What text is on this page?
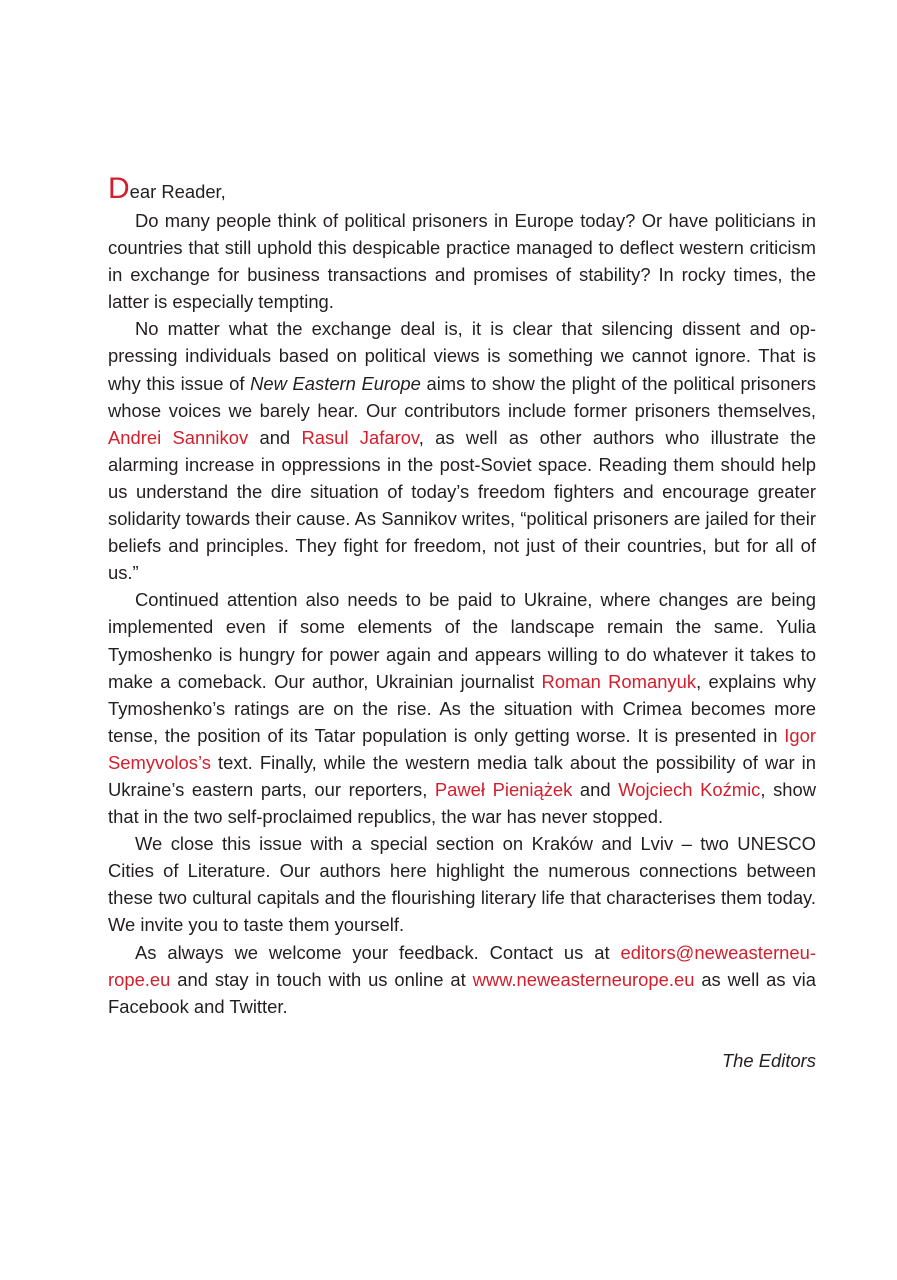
Dear Reader,

Do many people think of political prisoners in Europe today? Or have politicians in countries that still uphold this despicable practice managed to deflect western criticism in exchange for business transactions and promises of stability? In rocky times, the latter is especially tempting.

No matter what the exchange deal is, it is clear that silencing dissent and oppressing individuals based on political views is something we cannot ignore. That is why this issue of New Eastern Europe aims to show the plight of the political prisoners whose voices we barely hear. Our contributors include former prisoners themselves, Andrei Sannikov and Rasul Jafarov, as well as other authors who illustrate the alarming increase in oppressions in the post-Soviet space. Reading them should help us understand the dire situation of today’s freedom fighters and encourage greater solidarity towards their cause. As Sannikov writes, “political prisoners are jailed for their beliefs and principles. They fight for freedom, not just of their countries, but for all of us.”

Continued attention also needs to be paid to Ukraine, where changes are being implemented even if some elements of the landscape remain the same. Yulia Tymoshenko is hungry for power again and appears willing to do whatever it takes to make a comeback. Our author, Ukrainian journalist Roman Romanyuk, explains why Tymoshenko’s ratings are on the rise. As the situation with Crimea becomes more tense, the position of its Tatar population is only getting worse. It is presented in Igor Semyvolos’s text. Finally, while the western media talk about the possibility of war in Ukraine’s eastern parts, our reporters, Paweł Pieniążek and Wojciech Koźmic, show that in the two self-proclaimed republics, the war has never stopped.

We close this issue with a special section on Kraków and Lviv – two UNESCO Cities of Literature. Our authors here highlight the numerous connections between these two cultural capitals and the flourishing literary life that characterises them today. We invite you to taste them yourself.

As always we welcome your feedback. Contact us at editors@neweasterneurope.eu and stay in touch with us online at www.neweasterneurope.eu as well as via Facebook and Twitter.

The Editors
